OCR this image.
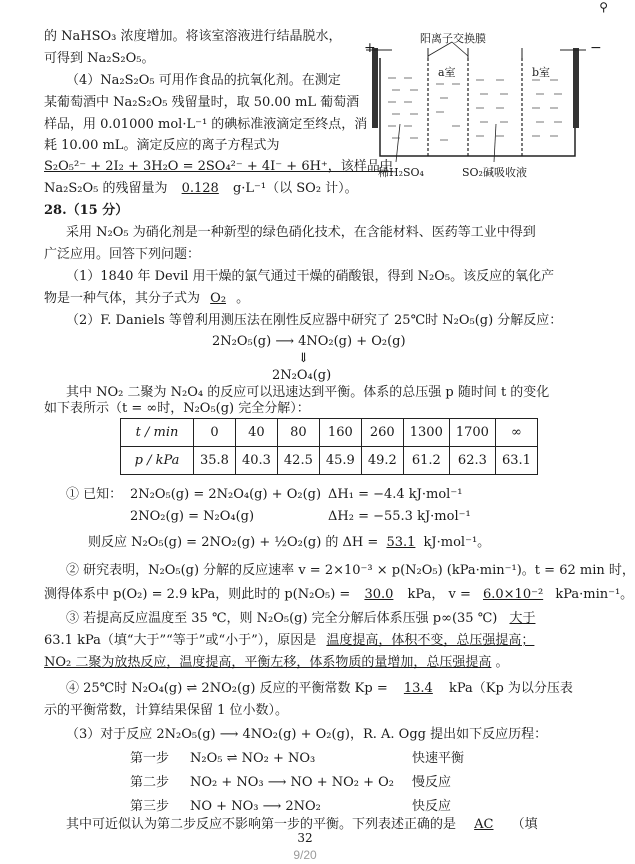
⚲
阳离子交换膜
a室	b室
+	−
稀H₂SO₄	SO₂碱吸收液
的 NaHSO₃ 浓度增加。将该室溶液进行结晶脱水，
可得到 Na₂S₂O₅。
（4）Na₂S₂O₅ 可用作食品的抗氧化剂。在测定
某葡萄酒中 Na₂S₂O₅ 残留量时，取 50.00 mL 葡萄酒
样品，用 0.01000 mol·L⁻¹ 的碘标准液滴定至终点，消
耗 10.00 mL。滴定反应的离子方程式为
S₂O₅²⁻ + 2I₂ + 3H₂O = 2SO₄²⁻ + 4I⁻ + 6H⁺，该样品中
Na₂S₂O₅ 的残留量为 0.128 g·L⁻¹（以 SO₂ 计）。
28.（15 分）
采用 N₂O₅ 为硝化剂是一种新型的绿色硝化技术，在含能材料、医药等工业中得到
广泛应用。回答下列问题：
（1）1840 年 Devil 用干燥的氯气通过干燥的硝酸银，得到 N₂O₅。该反应的氧化产
物是一种气体，其分子式为 O₂ 。
（2）F. Daniels 等曾利用测压法在刚性反应器中研究了 25℃时 N₂O₅(g) 分解反应：
2N₂O₅(g) ⟶ 4NO₂(g) + O₂(g)
⇓
2N₂O₄(g)
其中 NO₂ 二聚为 N₂O₄ 的反应可以迅速达到平衡。体系的总压强 p 随时间 t 的变化
如下表所示（t = ∞时，N₂O₅(g) 完全分解）：
t / min	0	40	80	160	260	1300	1700	∞
p / kPa	35.8	40.3	42.5	45.9	49.2	61.2	62.3	63.1
① 已知： 2N₂O₅(g) = 2N₂O₄(g) + O₂(g) ΔH₁ = −4.4 kJ·mol⁻¹
2NO₂(g) = N₂O₄(g)	ΔH₂ = −55.3 kJ·mol⁻¹
则反应 N₂O₅(g) = 2NO₂(g) + ½O₂(g) 的 ΔH = 53.1 kJ·mol⁻¹。
② 研究表明，N₂O₅(g) 分解的反应速率 v = 2×10⁻³ × p(N₂O₅) (kPa·min⁻¹)。t = 62 min 时，
测得体系中 p(O₂) = 2.9 kPa，则此时的 p(N₂O₅) = 30.0 kPa， v = 6.0×10⁻² kPa·min⁻¹。
③ 若提高反应温度至 35 ℃，则 N₂O₅(g) 完全分解后体系压强 p∞(35 ℃) 大于
63.1 kPa（填“大于”“等于”或“小于”），原因是 温度提高，体积不变，总压强提高；
NO₂ 二聚为放热反应，温度提高，平衡左移，体系物质的量增加，总压强提高 。
④ 25℃时 N₂O₄(g) ⇌ 2NO₂(g) 反应的平衡常数 Kp = 13.4 kPa（Kp 为以分压表
示的平衡常数，计算结果保留 1 位小数）。
（3）对于反应 2N₂O₅(g) ⟶ 4NO₂(g) + O₂(g)，R. A. Ogg 提出如下反应历程：
第一步 N₂O₅ ⇌ NO₂ + NO₃	快速平衡
第二步 NO₂ + NO₃ ⟶ NO + NO₂ + O₂ 慢反应
第三步 NO + NO₃ ⟶ 2NO₂	快反应
其中可近似认为第二步反应不影响第一步的平衡。下列表述正确的是 AC （填
32
9/20
